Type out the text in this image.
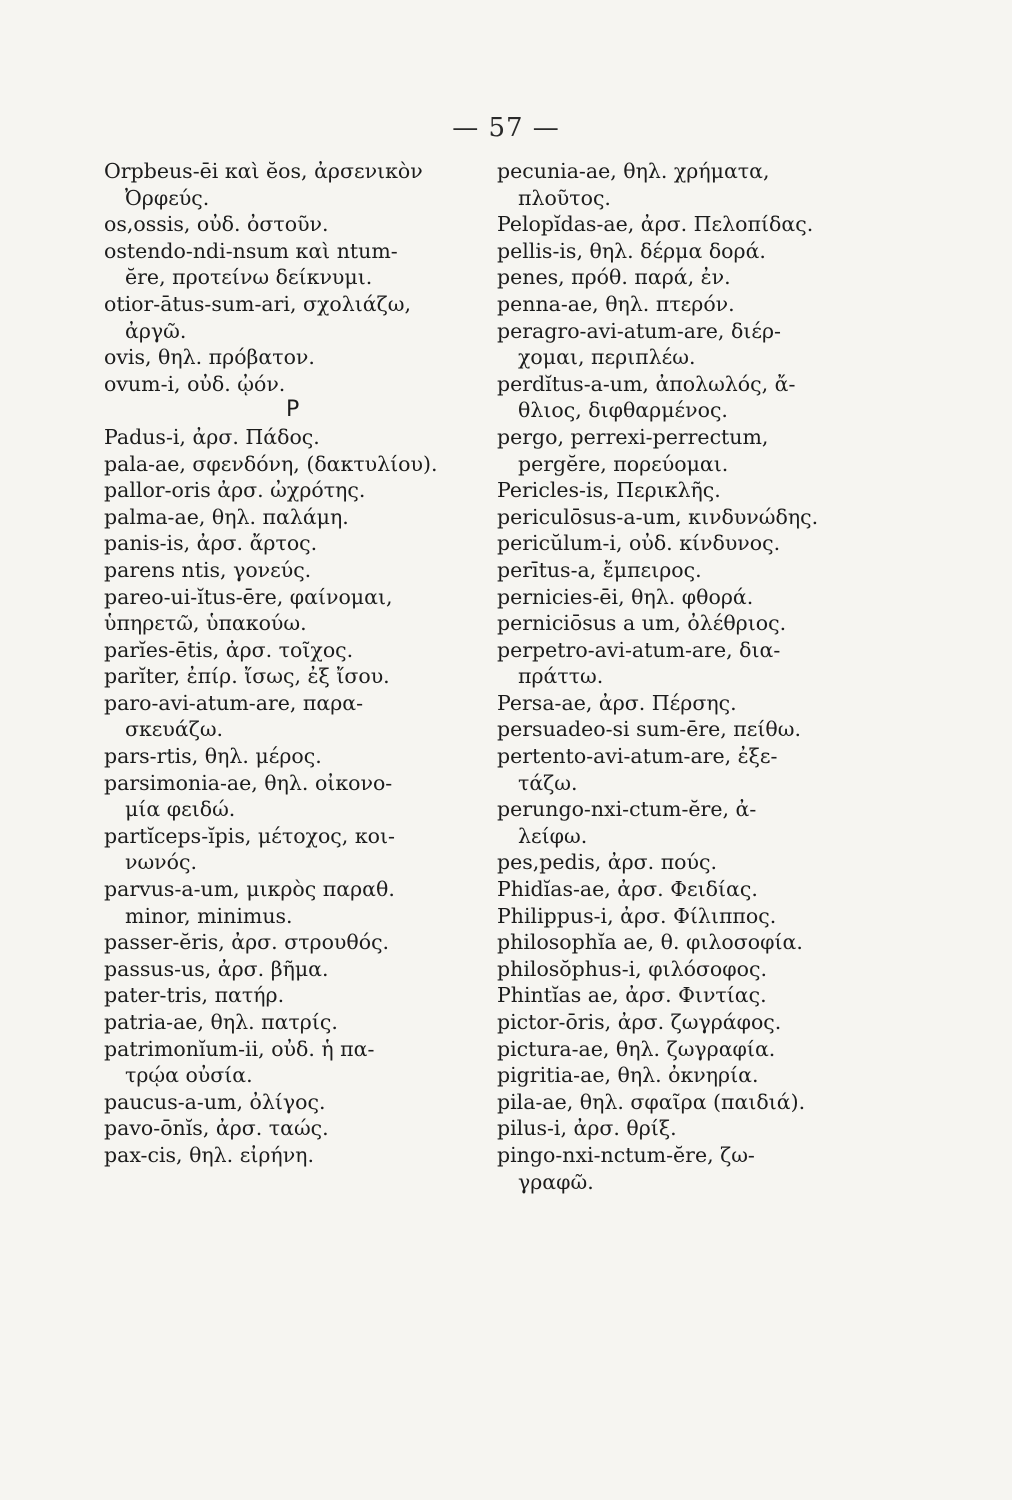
— 57 —
Orpbeus-ēi καὶ ĕos, ἀρσενικὸν
Ὀρφεύς.
os,ossis, οὐδ. ὀστοῦν.
ostendo-ndi-nsum καὶ ntum-
ĕre, προτείνω δείκνυμι.
otior-ātus-sum-ari, σχολιάζω,
ἀργῶ.
ovis, θηλ. πρόβατον.
ovum-i, οὐδ. ᾠόν.
P
Padus-i, ἀρσ. Πάδος.
pala-ae, σφενδόνη, (δακτυλίου).
pallor-oris ἀρσ. ὠχρότης.
palma-ae, θηλ. παλάμη.
panis-is, ἀρσ. ἄρτος.
parens ntis, γονεύς.
pareo-ui-ĭtus-ēre, φαίνομαι,
ὑπηρετῶ, ὑπακούω.
parĭes-ētis, ἀρσ. τοῖχος.
parĭter, ἐπίρ. ἴσως, ἐξ ἴσου.
paro-avi-atum-are, παρα-
σκευάζω.
pars-rtis, θηλ. μέρος.
parsimonia-ae, θηλ. οἰκονο-
μία φειδώ.
partĭceps-ĭpis, μέτοχος, κοι-
νωνός.
parvus-a-um, μικρὸς παραθ.
minor, minimus.
passer-ĕris, ἀρσ. στρουθός.
passus-us, ἀρσ. βῆμα.
pater-tris, πατήρ.
patria-ae, θηλ. πατρίς.
patrimonĭum-ii, οὐδ. ἡ πα-
τρῴα οὐσία.
paucus-a-um, ὀλίγος.
pavo-ōnĭs, ἀρσ. ταώς.
pax-cis, θηλ. εἰρήνη.
pecunia-ae, θηλ. χρήματα,
πλοῦτος.
Pelopĭdas-ae, ἀρσ. Πελοπίδας.
pellis-is, θηλ. δέρμα δορά.
penes, πρόθ. παρά, ἐν.
penna-ae, θηλ. πτερόν.
peragro-avi-atum-are, διέρ-
χομαι, περιπλέω.
perdĭtus-a-um, ἀπολωλός, ἄ-
θλιος, διφθαρμένος.
pergo, perrexi-perrectum,
pergĕre, πορεύομαι.
Pericles-is, Περικλῆς.
periculōsus-a-um, κινδυνώδης.
pericŭlum-i, οὐδ. κίνδυνος.
perītus-a, ἔμπειρος.
pernicies-ēi, θηλ. φθορά.
perniciōsus a um, ὀλέθριος.
perpetro-avi-atum-are, δια-
πράττω.
Persa-ae, ἀρσ. Πέρσης.
persuadeo-si sum-ēre, πείθω.
pertento-avi-atum-are, ἐξε-
τάζω.
perungo-nxi-ctum-ĕre, ἀ-
λείφω.
pes,pedis, ἀρσ. πούς.
Phidĭas-ae, ἀρσ. Φειδίας.
Philippus-i, ἀρσ. Φίλιππος.
philosophĭa ae, θ. φιλοσοφία.
philosŏphus-i, φιλόσοφος.
Phintĭas ae, ἀρσ. Φιντίας.
pictor-ōris, ἀρσ. ζωγράφος.
pictura-ae, θηλ. ζωγραφία.
pigritia-ae, θηλ. ὀκνηρία.
pila-ae, θηλ. σφαῖρα (παιδιά).
pilus-i, ἀρσ. θρίξ.
pingo-nxi-nctum-ĕre, ζω-
γραφῶ.
